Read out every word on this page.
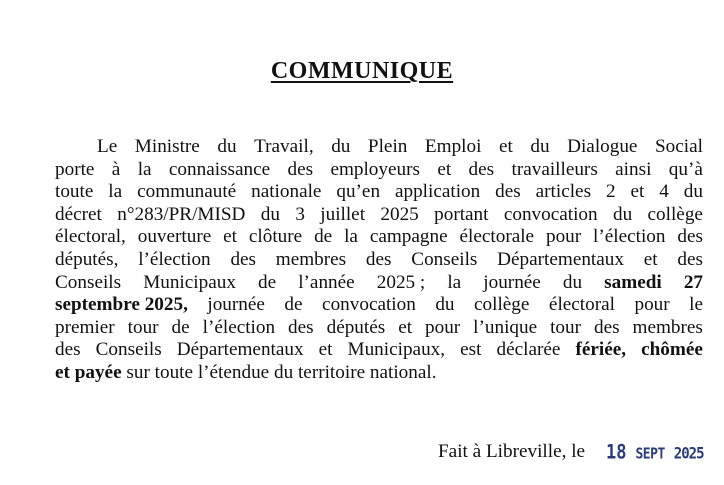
COMMUNIQUE
Le Ministre du Travail, du Plein Emploi et du Dialogue Social
porte à la connaissance des employeurs et des travailleurs ainsi qu’à
toute la communauté nationale qu’en application des articles 2 et 4 du
décret n°283/PR/MISD du 3 juillet 2025 portant convocation du collège
électoral, ouverture et clôture de la campagne électorale pour l’élection des
députés, l’élection des membres des Conseils Départementaux et des
Conseils Municipaux de l’année 2025 ; la journée du samedi 27
septembre 2025, journée de convocation du collège électoral pour le
premier tour de l’élection des députés et pour l’unique tour des membres
des Conseils Départementaux et Municipaux, est déclarée fériée, chômée
et payée sur toute l’étendue du territoire national.
Fait à Libreville, le 18 SEPT 2025
